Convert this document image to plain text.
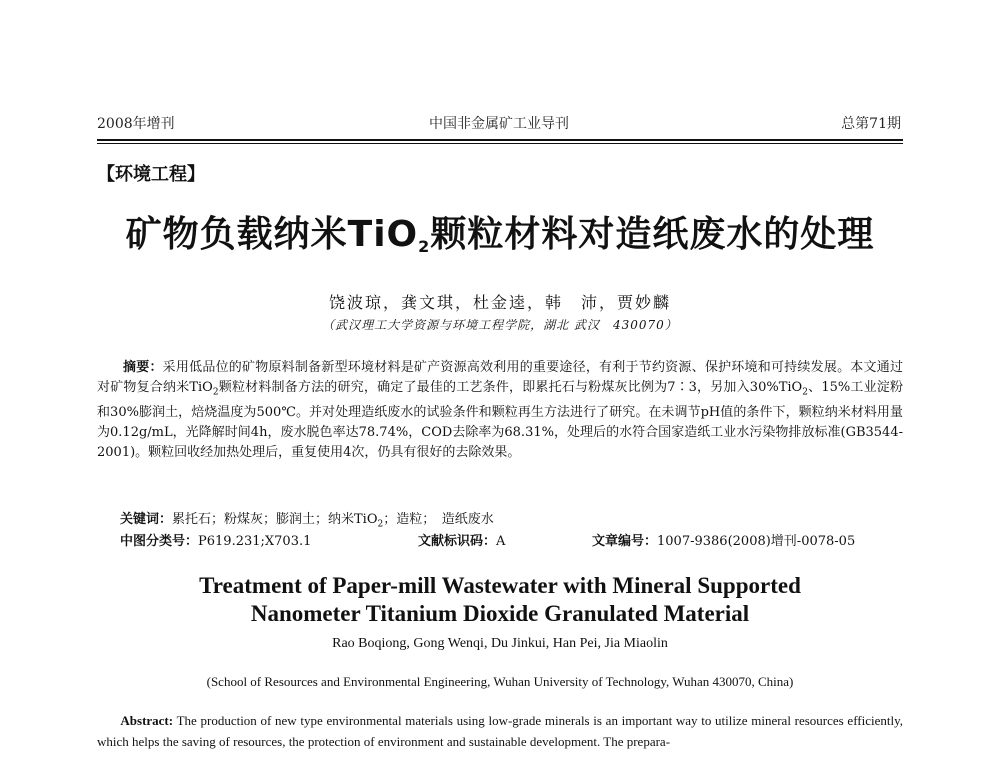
2008年增刊	中国非金属矿工业导刊	总第71期
【环境工程】
矿物负载纳米TiO$_2$颗粒材料对造纸废水的处理
饶波琼，龚文琪，杜金逵，韩　沛，贾妙麟
（武汉理工大学资源与环境工程学院，湖北 武汉　430070）
摘要：采用低品位的矿物原料制备新型环境材料是矿产资源高效利用的重要途径，有利于节约资源、保护环境和可持续发展。本文通过对矿物复合纳米TiO$_2$颗粒材料制备方法的研究，确定了最佳的工艺条件，即累托石与粉煤灰比例为7∶3，另加入30%TiO$_2$、15%工业淀粉和30%膨润土，焙烧温度为500℃。并对处理造纸废水的试验条件和颗粒再生方法进行了研究。在未调节pH值的条件下，颗粒纳米材料用量为0.12g/mL，光降解时间4h，废水脱色率达78.74%，COD去除率为68.31%，处理后的水符合国家造纸工业水污染物排放标准(GB3544-2001)。颗粒回收经加热处理后，重复使用4次，仍具有很好的去除效果。
关键词：累托石；粉煤灰；膨润土；纳米TiO$_2$；造粒；　造纸废水
中图分类号：P619.231;X703.1	文献标识码：A	文章编号：1007-9386(2008)增刊-0078-05
Treatment of Paper-mill Wastewater with Mineral Supported
Nanometer Titanium Dioxide Granulated Material
Rao Boqiong, Gong Wenqi, Du Jinkui, Han Pei, Jia Miaolin
(School of Resources and Environmental Engineering, Wuhan University of Technology, Wuhan 430070, China)
Abstract: The production of new type environmental materials using low-grade minerals is an important way to utilize mineral resources efficiently, which helps the saving of resources, the protection of environment and sustainable development. The prepara-
